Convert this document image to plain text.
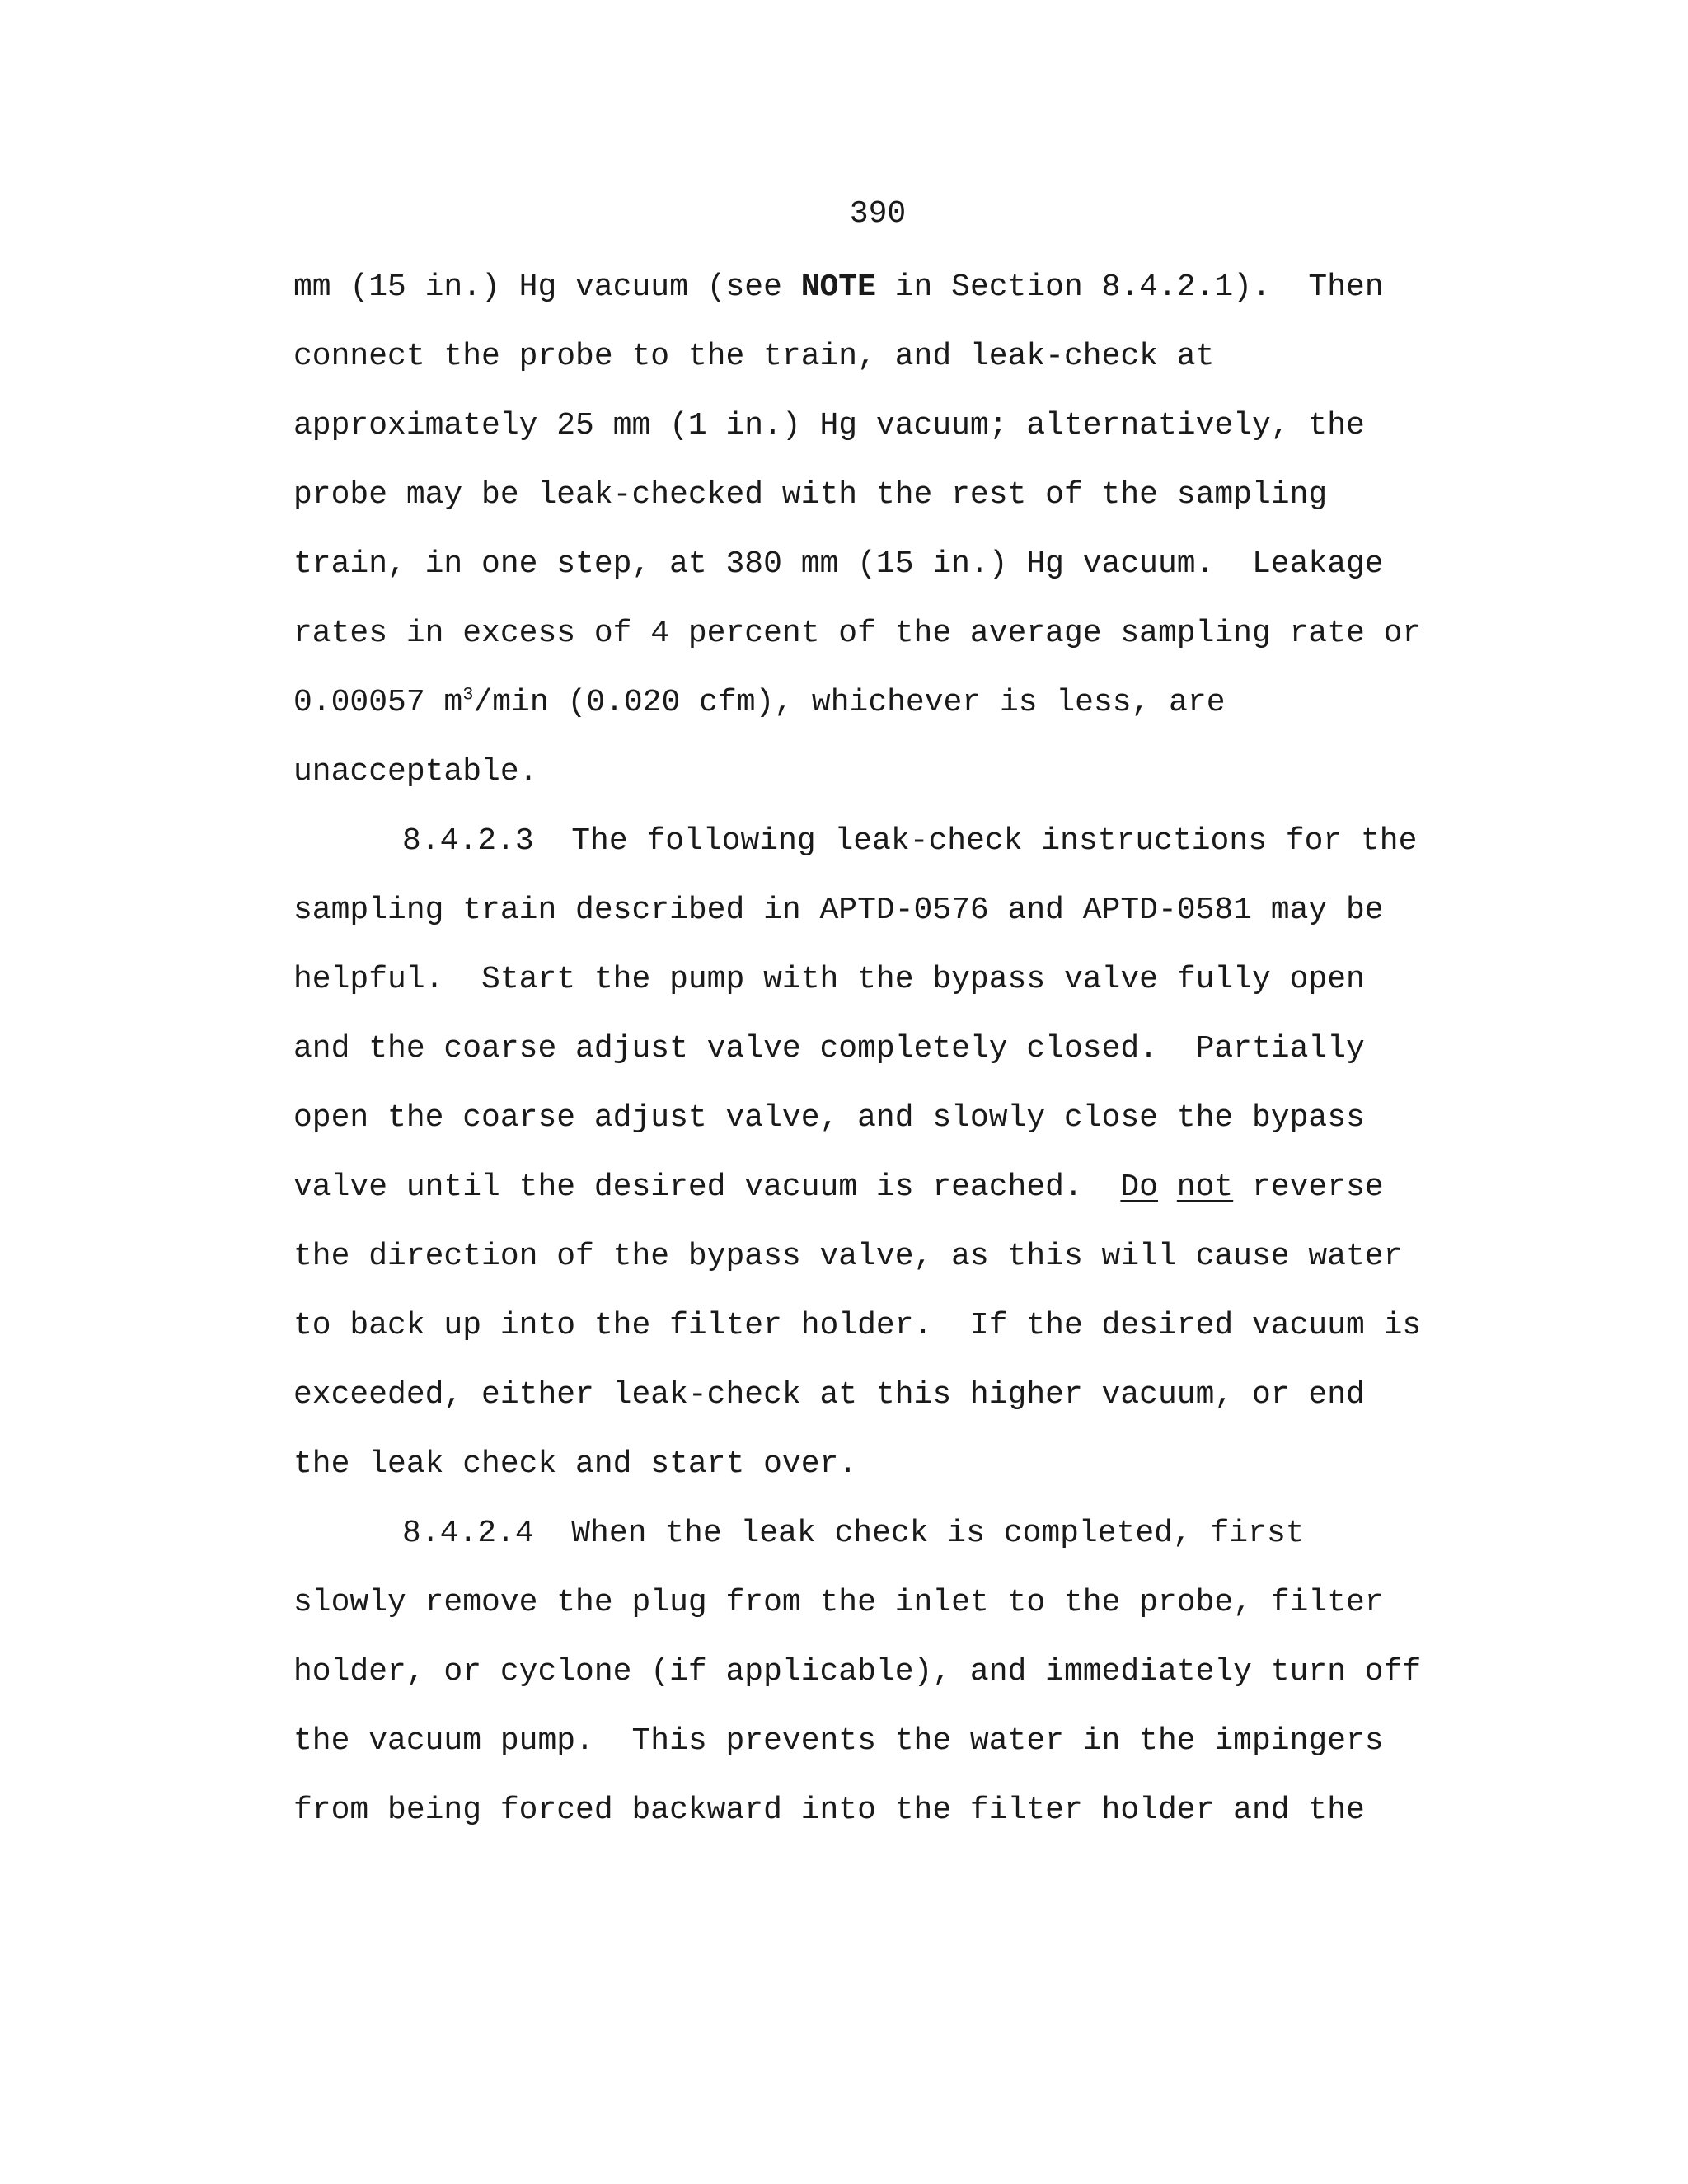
390
mm (15 in.) Hg vacuum (see NOTE in Section 8.4.2.1).  Then
connect the probe to the train, and leak-check at
approximately 25 mm (1 in.) Hg vacuum; alternatively, the
probe may be leak-checked with the rest of the sampling
train, in one step, at 380 mm (15 in.) Hg vacuum.  Leakage
rates in excess of 4 percent of the average sampling rate or
0.00057 $m^3/\min$ (0.020 cfm), whichever is less, are
unacceptable.
8.4.2.3  The following leak-check instructions for the
sampling train described in APTD-0576 and APTD-0581 may be
helpful.  Start the pump with the bypass valve fully open
and the coarse adjust valve completely closed.  Partially
open the coarse adjust valve, and slowly close the bypass
valve until the desired vacuum is reached.  Do not reverse
the direction of the bypass valve, as this will cause water
to back up into the filter holder.  If the desired vacuum is
exceeded, either leak-check at this higher vacuum, or end
the leak check and start over.
8.4.2.4  When the leak check is completed, first
slowly remove the plug from the inlet to the probe, filter
holder, or cyclone (if applicable), and immediately turn off
the vacuum pump.  This prevents the water in the impingers
from being forced backward into the filter holder and the
